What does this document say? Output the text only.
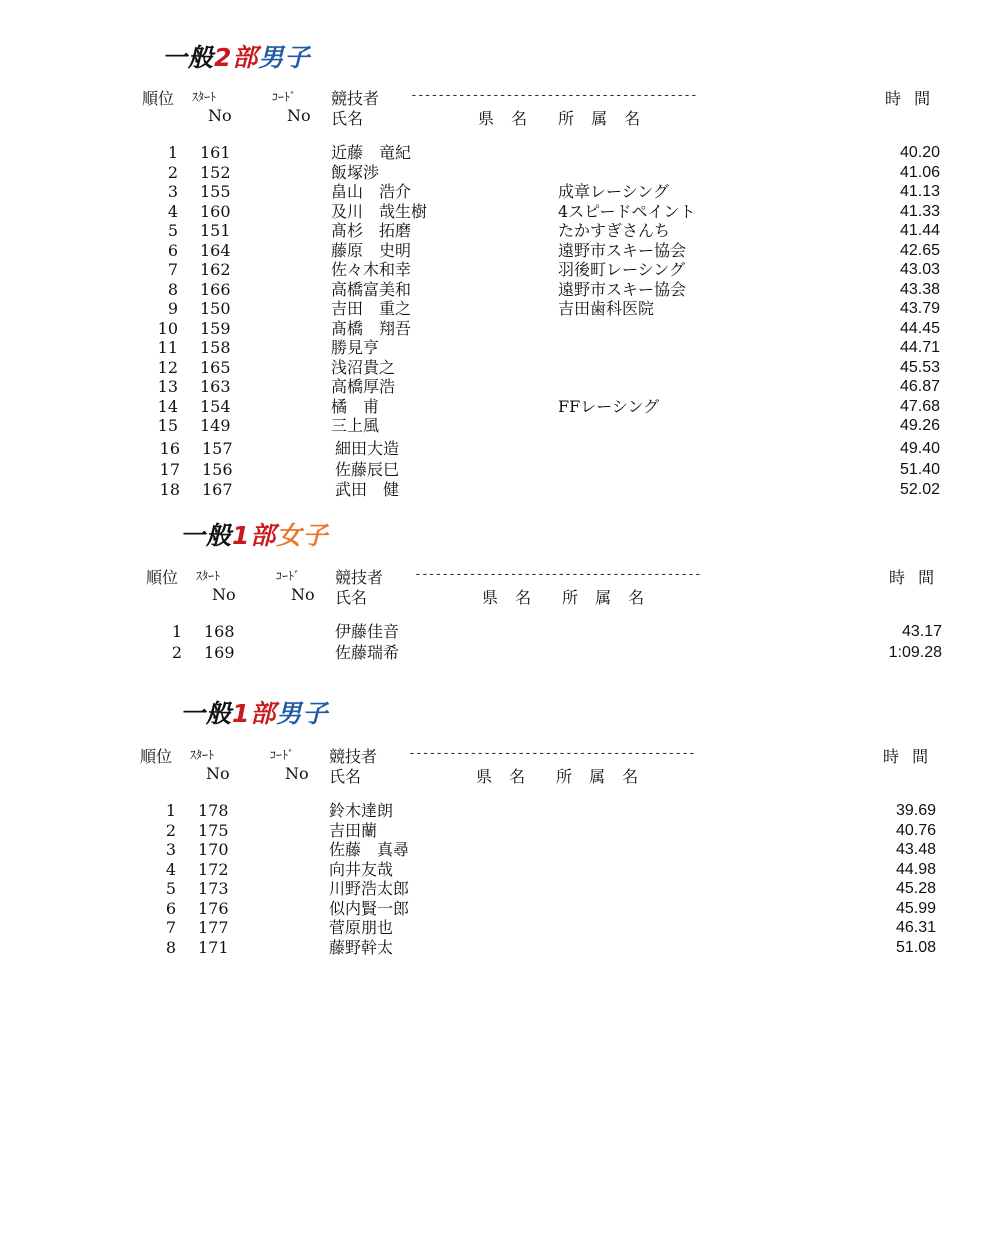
一般2部男子
順位 ｽﾀｰﾄ	ｺｰﾄﾞ 競技者 ------------------------------------------	時 間
No	No 氏名	県 名 所 属 名
1 161	近藤　竜紀	40.20
2 152	飯塚渉	41.06
3 155	畠山　浩介	成章レーシング	41.13
4 160	及川　哉生樹	4スピードペイント	41.33
5 151	髙杉　拓磨	たかすぎさんち	41.44
6 164	藤原　史明	遠野市スキー協会	42.65
7 162	佐々木和幸	羽後町レーシング	43.03
8 166	高橋富美和	遠野市スキー協会	43.38
9 150	吉田　重之	吉田歯科医院	43.79
10 159	髙橋　翔吾	44.45
11 158	勝見亨	44.71
12 165	浅沼貴之	45.53
13 163	高橋厚浩	46.87
14 154	橘　甫	FFレーシング	47.68
15 149	三上風	49.26
16 157	細田大造	49.40
17 156	佐藤辰巳	51.40
18 167	武田　健	52.02
一般1部女子
順位 ｽﾀｰﾄ	ｺｰﾄﾞ 競技者 ------------------------------------------	時 間
No	No 氏名	県 名 所 属 名
1 168	伊藤佳音	43.17
2 169	佐藤瑞希	1:09.28
一般1部男子
順位 ｽﾀｰﾄ	ｺｰﾄﾞ 競技者 ------------------------------------------	時 間
No	No 氏名	県 名 所 属 名
1 178	鈴木達朗	39.69
2 175	吉田蘭	40.76
3 170	佐藤　真尋	43.48
4 172	向井友哉	44.98
5 173	川野浩太郎	45.28
6 176	似内賢一郎	45.99
7 177	菅原朋也	46.31
8 171	藤野幹太	51.08
